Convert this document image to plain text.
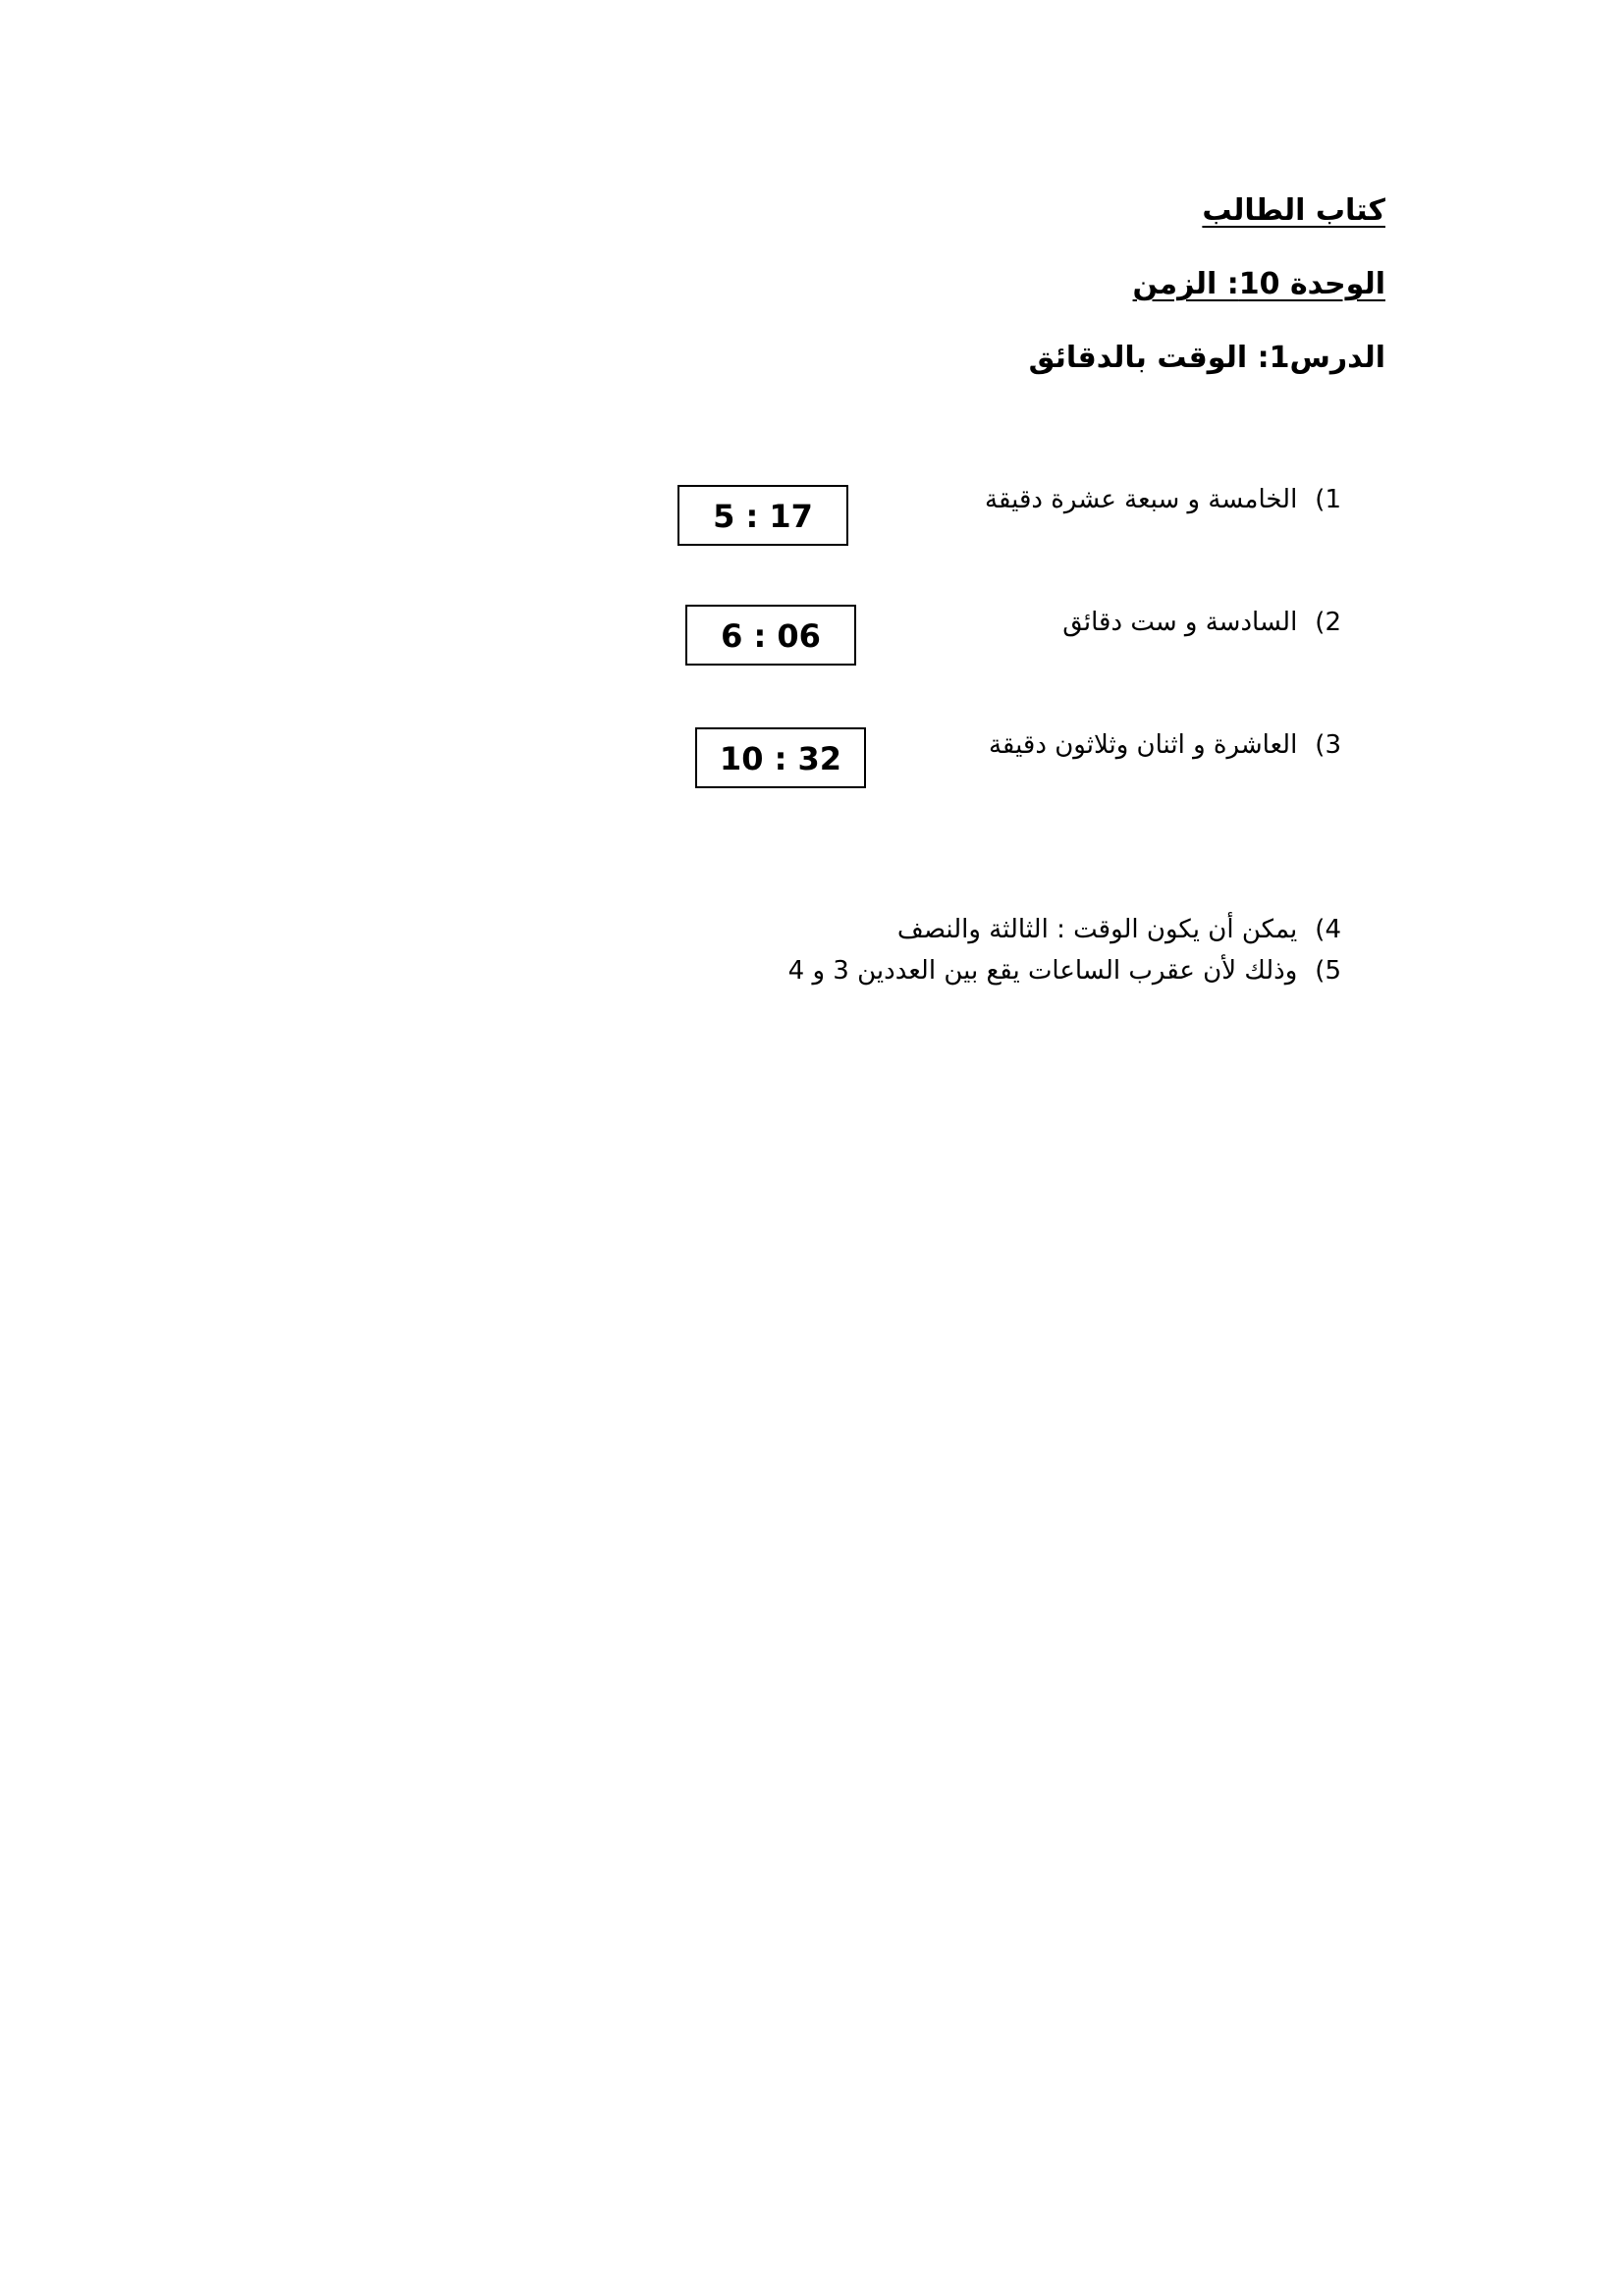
كتاب الطالب
الوحدة 10: الزمن
الدرس1: الوقت بالدقائق
1)الخامسة و سبعة عشرة دقيقة
5 : 17
2)السادسة و ست دقائق
6 : 06
3)العاشرة و اثنان وثلاثون دقيقة
10 : 32
4)يمكن أن يكون الوقت : الثالثة والنصف
5)وذلك لأن عقرب الساعات يقع بين العددين 3 و 4
